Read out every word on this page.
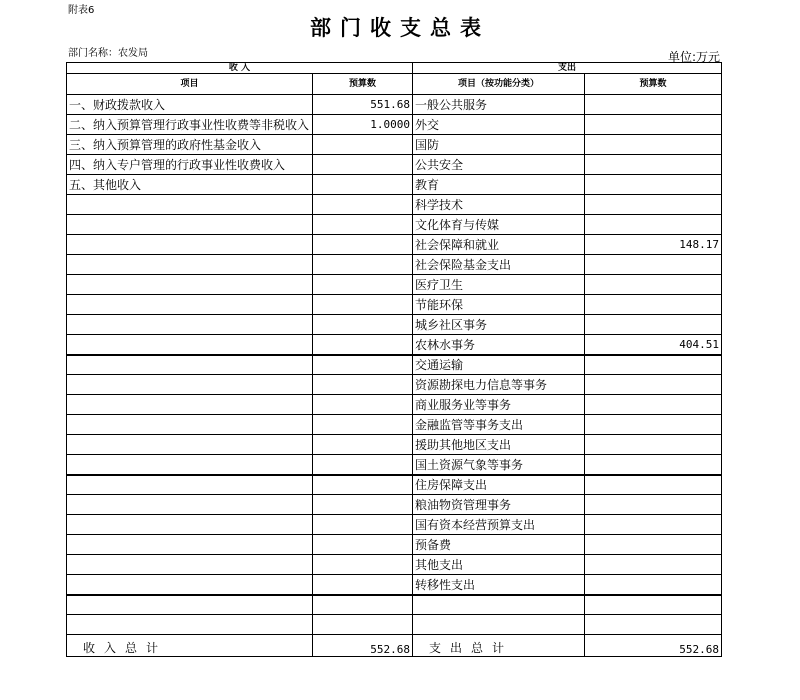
附表6
部门收支总表
部门名称：农发局	单位:万元
收 入		支出	
项目	预算数	项目（按功能分类）	预算数
一、财政拨款收入	551.68	一般公共服务	
二、纳入预算管理行政事业性收费等非税收入	1.0000	外交	
三、纳入预算管理的政府性基金收入		国防	
四、纳入专户管理的行政事业性收费收入		公共安全	
五、其他收入		教育	
		科学技术	
		文化体育与传媒	
		社会保障和就业	148.17
		社会保险基金支出	
		医疗卫生	
		节能环保	
		城乡社区事务	
		农林水事务	404.51
		交通运输	
		资源勘探电力信息等事务	
		商业服务业等事务	
		金融监管等事务支出	
		援助其他地区支出	
		国土资源气象等事务	
		住房保障支出	
		粮油物资管理事务	
		国有资本经营预算支出	
		预备费	
		其他支出	
		转移性支出	

收入总计	552.68	支出总计	552.68
